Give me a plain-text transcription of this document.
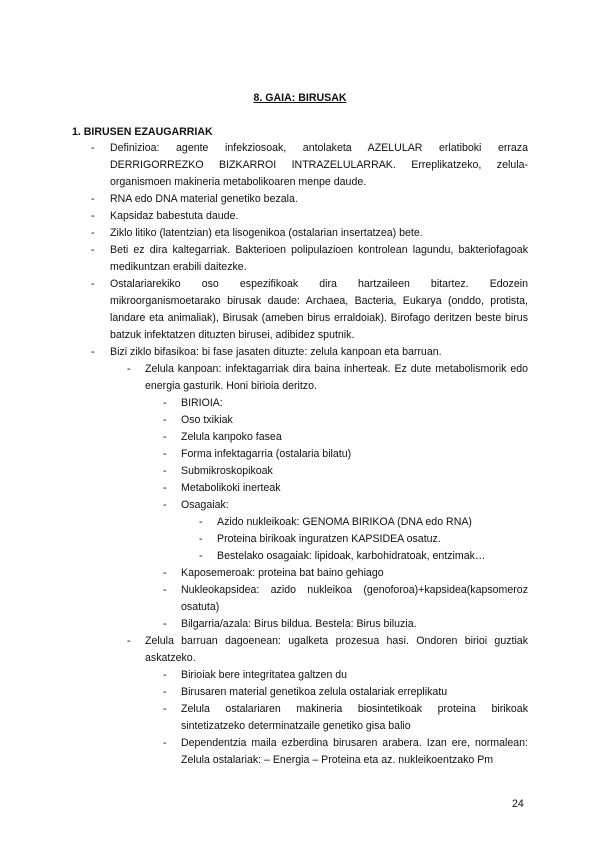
8. GAIA: BIRUSAK
1. BIRUSEN EZAUGARRIAK
- Definizioa: agente infekziosoak, antolaketa AZELULAR erlatiboki erraza DERRIGORREZKO BIZKARROI INTRAZELULARRAK. Erreplikatzeko, zelula-organismoen makineria metabolikoaren menpe daude.
- RNA edo DNA material genetiko bezala.
- Kapsidaz babestuta daude.
- Ziklo litiko (latentzian) eta lisogenikoa (ostalarian insertatzea) bete.
- Beti ez dira kaltegarriak. Bakterioen polipulazioen kontrolean lagundu, bakteriofagoak medikuntzan erabili daitezke.
- Ostalariarekiko oso espezifikoak dira hartzaileen bitartez. Edozein mikroorganismoetarako birusak daude: Archaea, Bacteria, Eukarya (onddo, protista, landare eta animaliak), Birusak (ameben birus erraldoiak). Birofago deritzen beste birus batzuk infektatzen dituzten birusei, adibidez sputnik.
- Bizi ziklo bifasikoa: bi fase jasaten dituzte: zelula kanpoan eta barruan.
- Zelula kanpoan: infektagarriak dira baina inherteak. Ez dute metabolismorik edo energia gasturik. Honi birioia deritzo.
- BIRIOIA:
- Oso txikiak
- Zelula kanpoko fasea
- Forma infektagarria (ostalaria bilatu)
- Submikroskopikoak
- Metabolikoki inerteak
- Osagaiak:
- Azido nukleikoak: GENOMA BIRIKOA (DNA edo RNA)
- Proteina birikoak inguratzen KAPSIDEA osatuz.
- Bestelako osagaiak: lipidoak, karbohidratoak, entzimak…
- Kaposemeroak: proteina bat baino gehiago
- Nukleokapsidea: azido nukleikoa (genoforoa)+kapsidea(kapsomeroz osatuta)
- Bilgarria/azala: Birus bildua. Bestela: Birus biluzia.
- Zelula barruan dagoenean: ugalketa prozesua hasi. Ondoren birioi guztiak askatzeko.
- Birioiak bere integritatea galtzen du
- Birusaren material genetikoa zelula ostalariak erreplikatu
- Zelula ostalariaren makineria biosintetikoak proteina birikoak sintetizatzeko determinatzaile genetiko gisa balio
- Dependentzia maila ezberdina birusaren arabera. Izan ere, normalean: Zelula ostalariak: – Energia – Proteina eta az. nukleikoentzako Pm
24
